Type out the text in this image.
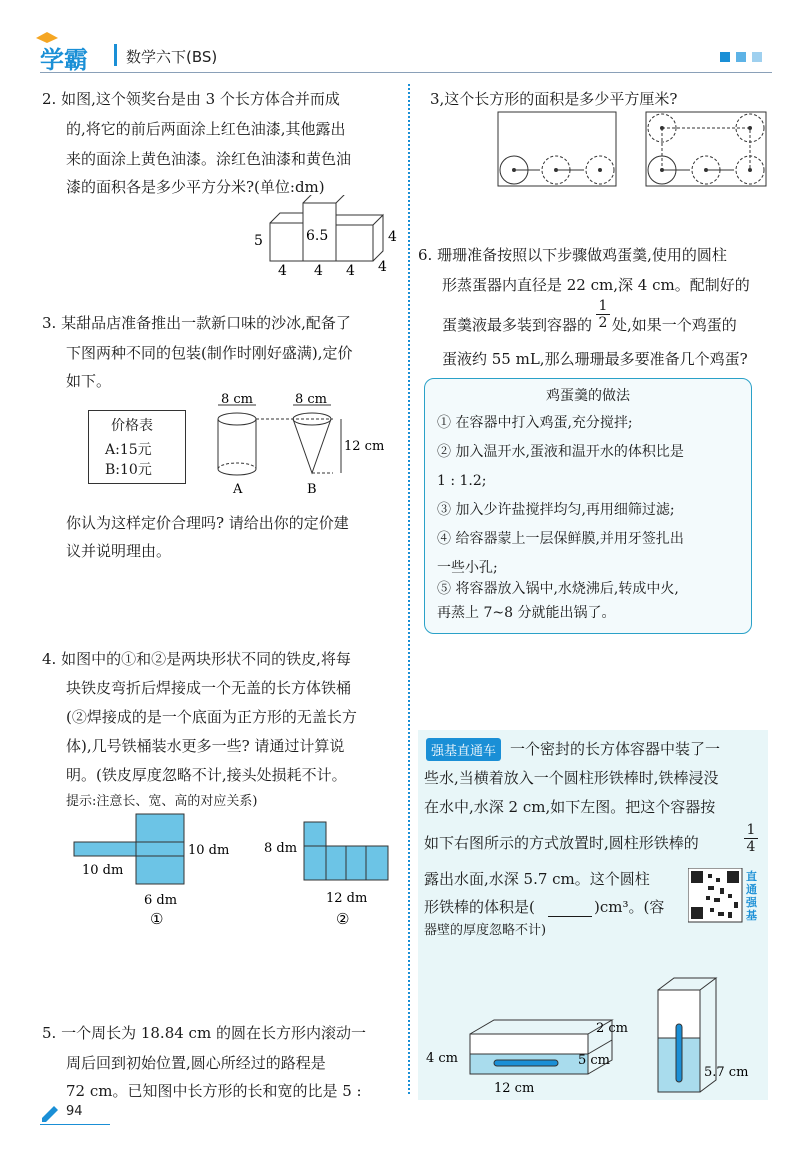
学霸	数学六下(BS)
2. 如图,这个领奖台是由 3 个长方体合并而成
的,将它的前后两面涂上红色油漆,其他露出
来的面涂上黄色油漆。涂红色油漆和黄色油
漆的面积各是多少平方分米?(单位:dm)
5	6.5	4
4 4 4 4
3. 某甜品店准备推出一款新口味的沙冰,配备了
下图两种不同的包装(制作时刚好盛满),定价
如下。
价格表
A:15元
B:10元
8 cm	8 cm
12 cm
A	B
你认为这样定价合理吗? 请给出你的定价建
议并说明理由。
4. 如图中的①和②是两块形状不同的铁皮,将每
块铁皮弯折后焊接成一个无盖的长方体铁桶
(②焊接成的是一个底面为正方形的无盖长方
体),几号铁桶装水更多一些? 请通过计算说
明。(铁皮厚度忽略不计,接头处损耗不计。
提示:注意长、宽、高的对应关系)
10 dm
10 dm
6 dm
①
8 dm
12 dm
②
5. 一个周长为 18.84 cm 的圆在长方形内滚动一
周后回到初始位置,圆心所经过的路程是
72 cm。已知图中长方形的长和宽的比是 5 :
3,这个长方形的面积是多少平方厘米?
6. 珊珊准备按照以下步骤做鸡蛋羹,使用的圆柱
形蒸蛋器内直径是 22 cm,深 4 cm。配制好的
蛋羹液最多装到容器的 $\frac{1}{2}$ 处,如果一个鸡蛋的
蛋液约 55 mL,那么珊珊最多要准备几个鸡蛋?
鸡蛋羹的做法
① 在容器中打入鸡蛋,充分搅拌;
② 加入温开水,蛋液和温开水的体积比是
1 : 1.2;
③ 加入少许盐搅拌均匀,再用细筛过滤;
④ 给容器蒙上一层保鲜膜,并用牙签扎出
一些小孔;
⑤ 将容器放入锅中,水烧沸后,转成中火,
再蒸上 7~8 分就能出锅了。
强基直通车 一个密封的长方体容器中装了一
些水,当横着放入一个圆柱形铁棒时,铁棒浸没
在水中,水深 2 cm,如下左图。把这个容器按
如下右图所示的方式放置时,圆柱形铁棒的	$\frac{1}{4}$
露出水面,水深 5.7 cm。这个圆柱
形铁棒的体积是(	)cm³。(容
器壁的厚度忽略不计)
直通强基
4 cm
2 cm
5 cm
12 cm
5.7 cm
94
